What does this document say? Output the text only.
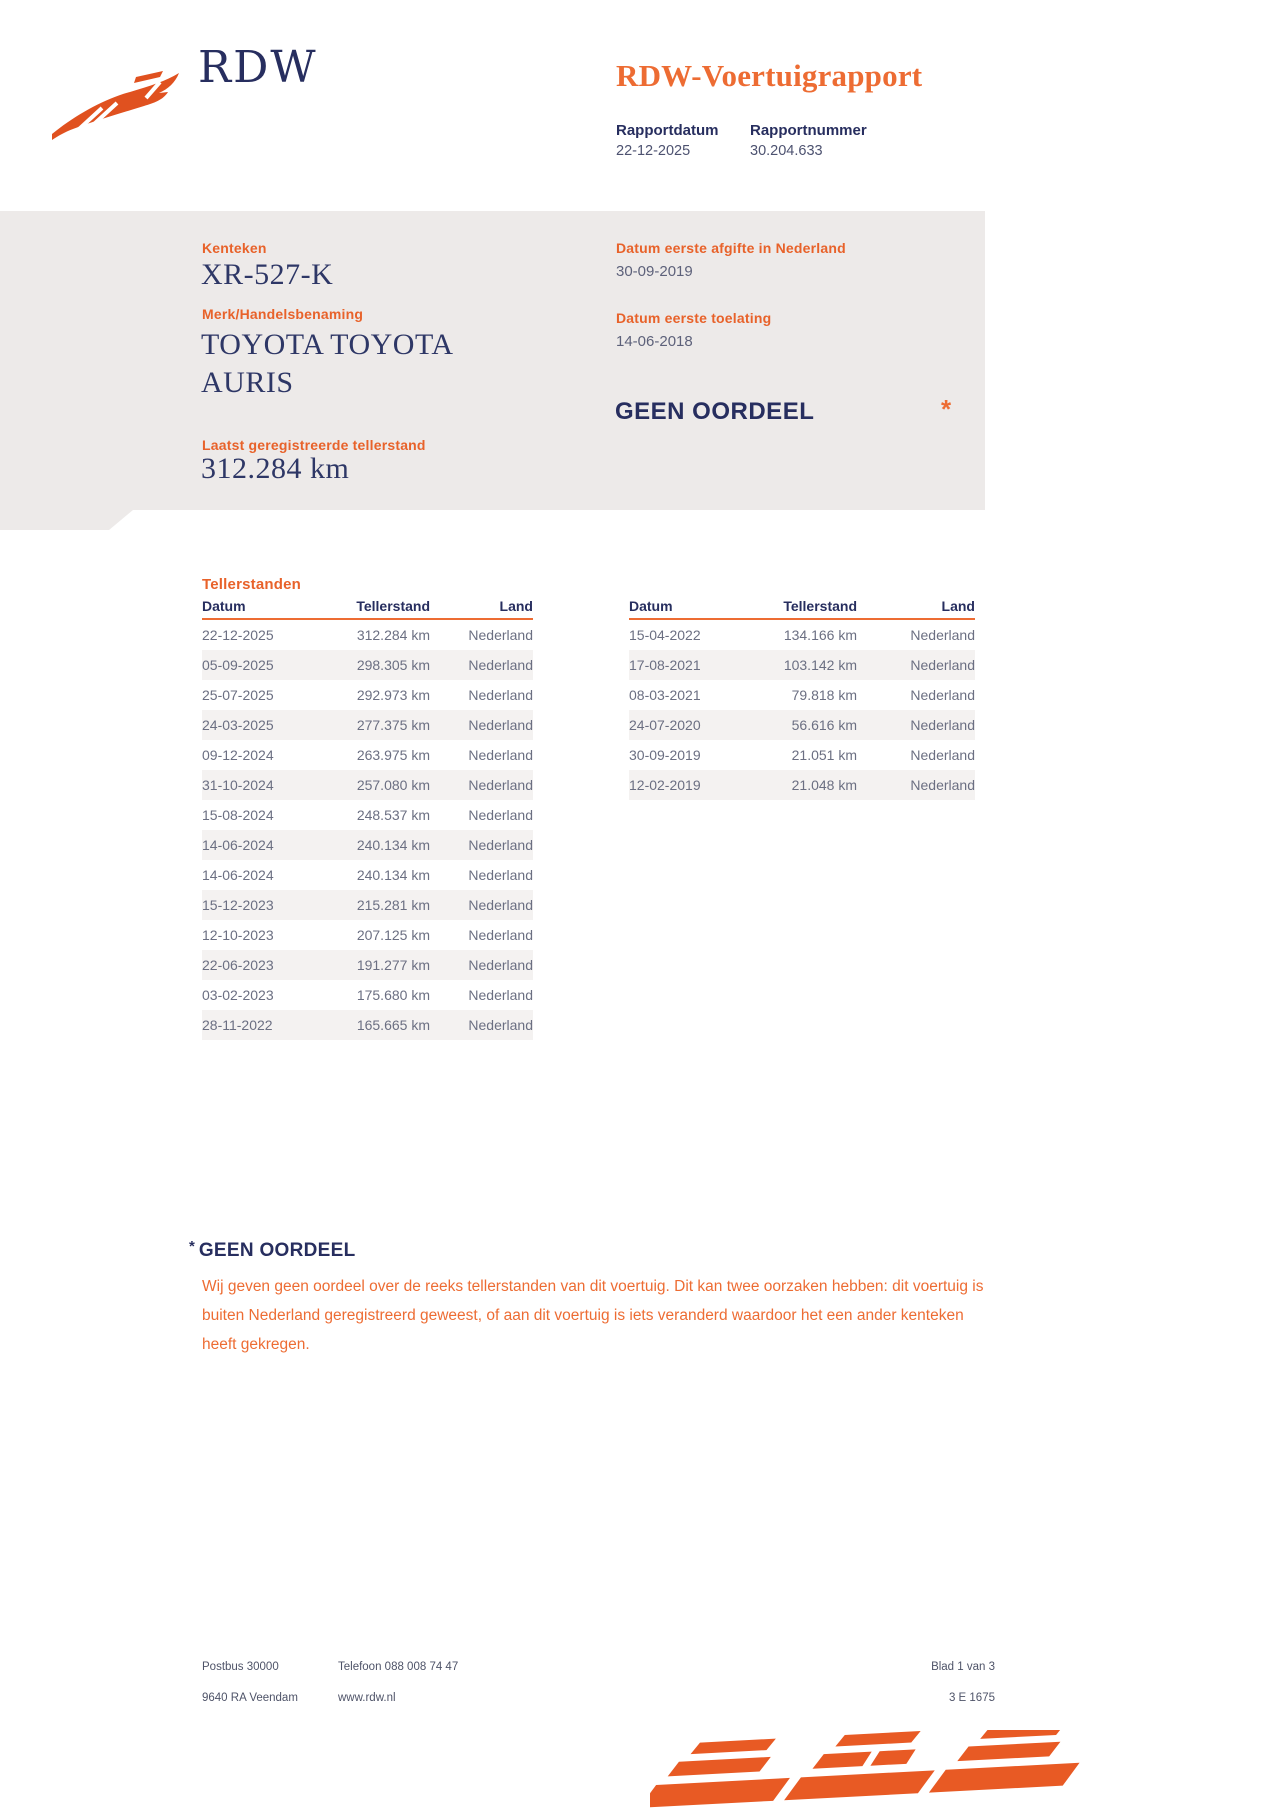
RDW	RDW-Voertuigrapport
Rapportdatum Rapportnummer
22-12-2025	30.204.633
Kenteken
XR-527-K
Merk/Handelsbenaming
TOYOTA TOYOTA AURIS
Laatst geregistreerde tellerstand
312.284 km
Datum eerste afgifte in Nederland
30-09-2019
Datum eerste toelating
14-06-2018
GEEN OORDEEL	*
Tellerstanden
Datum	Tellerstand	Land
22-12-2025	312.284 km	Nederland
05-09-2025	298.305 km	Nederland
25-07-2025	292.973 km	Nederland
24-03-2025	277.375 km	Nederland
09-12-2024	263.975 km	Nederland
31-10-2024	257.080 km	Nederland
15-08-2024	248.537 km	Nederland
14-06-2024	240.134 km	Nederland
14-06-2024	240.134 km	Nederland
15-12-2023	215.281 km	Nederland
12-10-2023	207.125 km	Nederland
22-06-2023	191.277 km	Nederland
03-02-2023	175.680 km	Nederland
28-11-2022	165.665 km	Nederland
Datum	Tellerstand	Land
15-04-2022	134.166 km	Nederland
17-08-2021	103.142 km	Nederland
08-03-2021	79.818 km	Nederland
24-07-2020	56.616 km	Nederland
30-09-2019	21.051 km	Nederland
12-02-2019	21.048 km	Nederland
* GEEN OORDEEL
Wij geven geen oordeel over de reeks tellerstanden van dit voertuig. Dit kan twee oorzaken hebben: dit voertuig is buiten Nederland geregistreerd geweest, of aan dit voertuig is iets veranderd waardoor het een ander kenteken heeft gekregen.
Postbus 30000
9640 RA Veendam
Telefoon 088 008 74 47
www.rdw.nl
Blad 1 van 3
3 E 1675
